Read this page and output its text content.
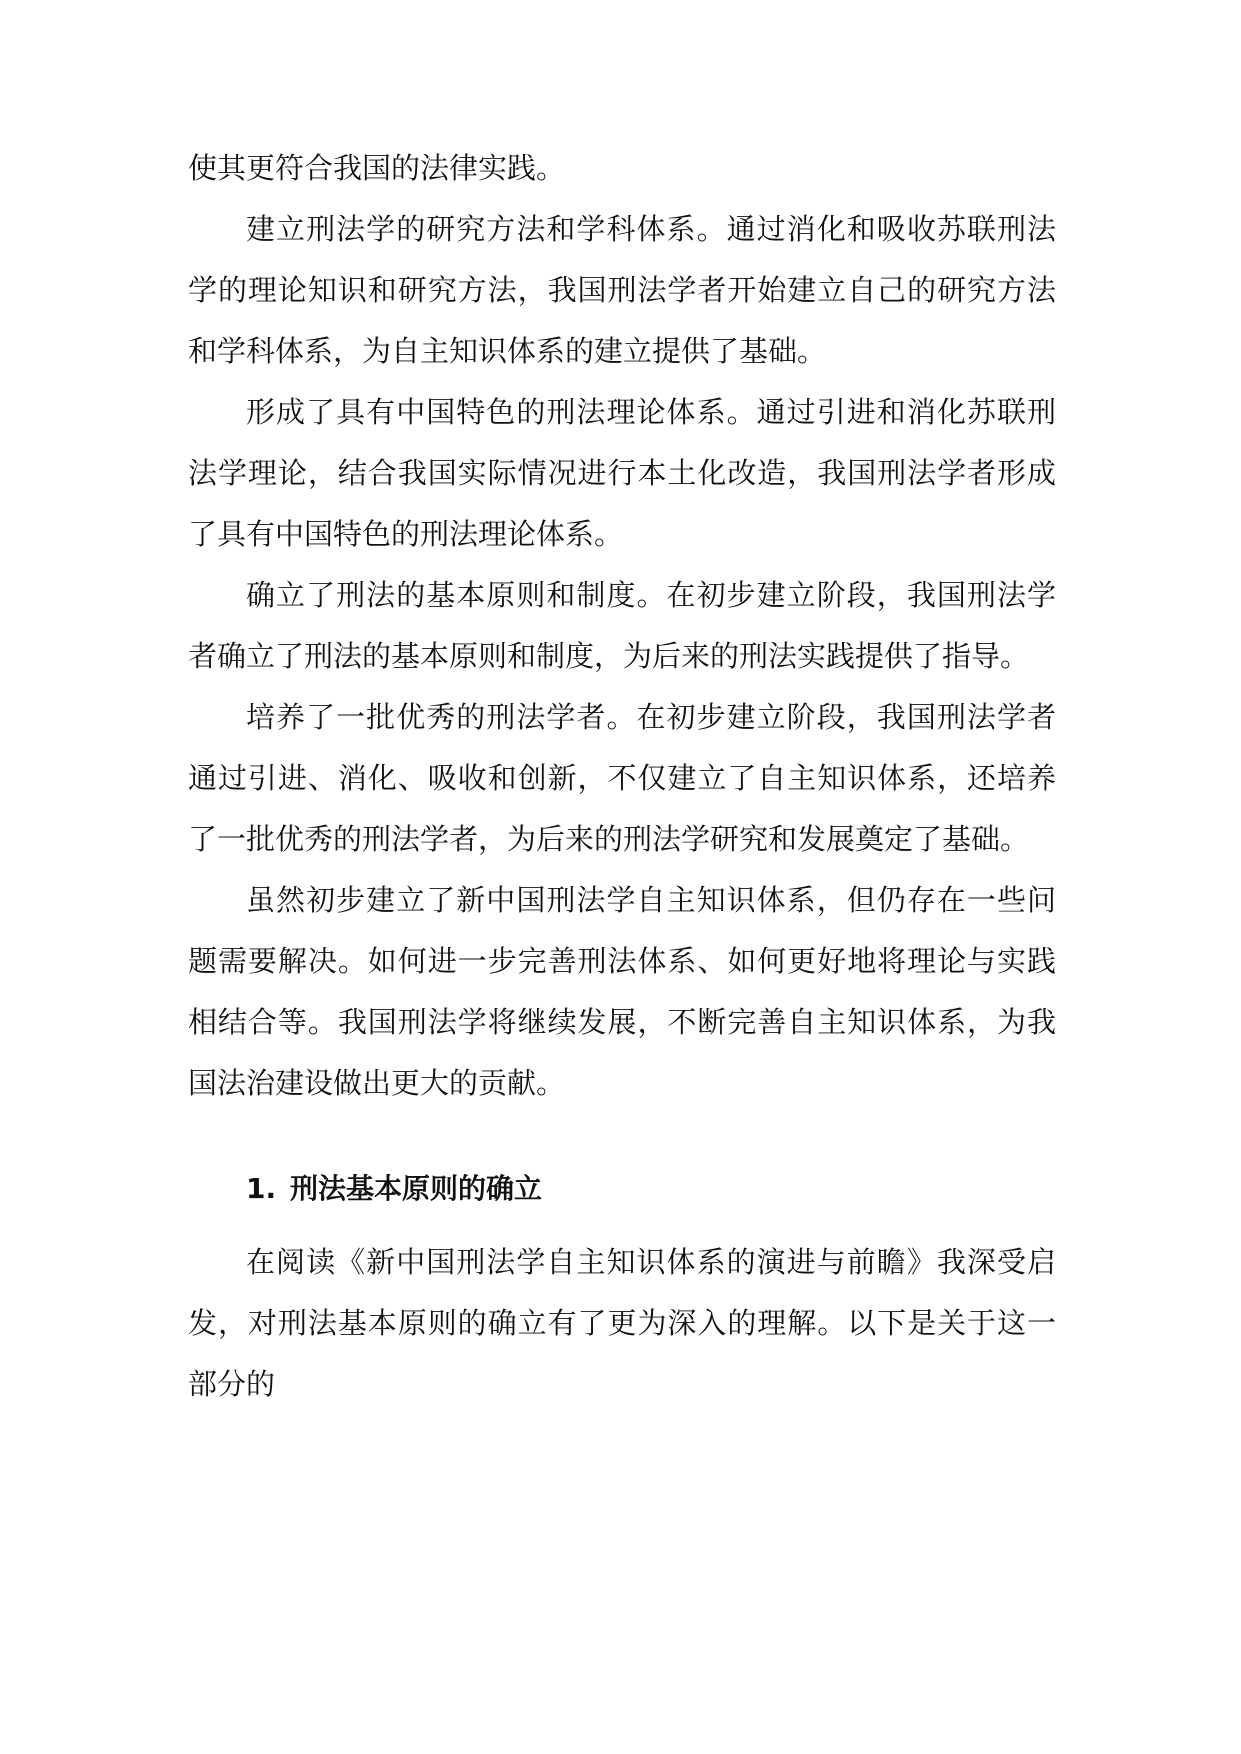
使其更符合我国的法律实践。

建立刑法学的研究方法和学科体系。通过消化和吸收苏联刑法学的理论知识和研究方法，我国刑法学者开始建立自己的研究方法和学科体系，为自主知识体系的建立提供了基础。

形成了具有中国特色的刑法理论体系。通过引进和消化苏联刑法学理论，结合我国实际情况进行本土化改造，我国刑法学者形成了具有中国特色的刑法理论体系。

确立了刑法的基本原则和制度。在初步建立阶段，我国刑法学者确立了刑法的基本原则和制度，为后来的刑法实践提供了指导。

培养了一批优秀的刑法学者。在初步建立阶段，我国刑法学者通过引进、消化、吸收和创新，不仅建立了自主知识体系，还培养了一批优秀的刑法学者，为后来的刑法学研究和发展奠定了基础。

虽然初步建立了新中国刑法学自主知识体系，但仍存在一些问题需要解决。如何进一步完善刑法体系、如何更好地将理论与实践相结合等。我国刑法学将继续发展，不断完善自主知识体系，为我国法治建设做出更大的贡献。

1. 刑法基本原则的确立

在阅读《新中国刑法学自主知识体系的演进与前瞻》我深受启发，对刑法基本原则的确立有了更为深入的理解。以下是关于这一部分的
